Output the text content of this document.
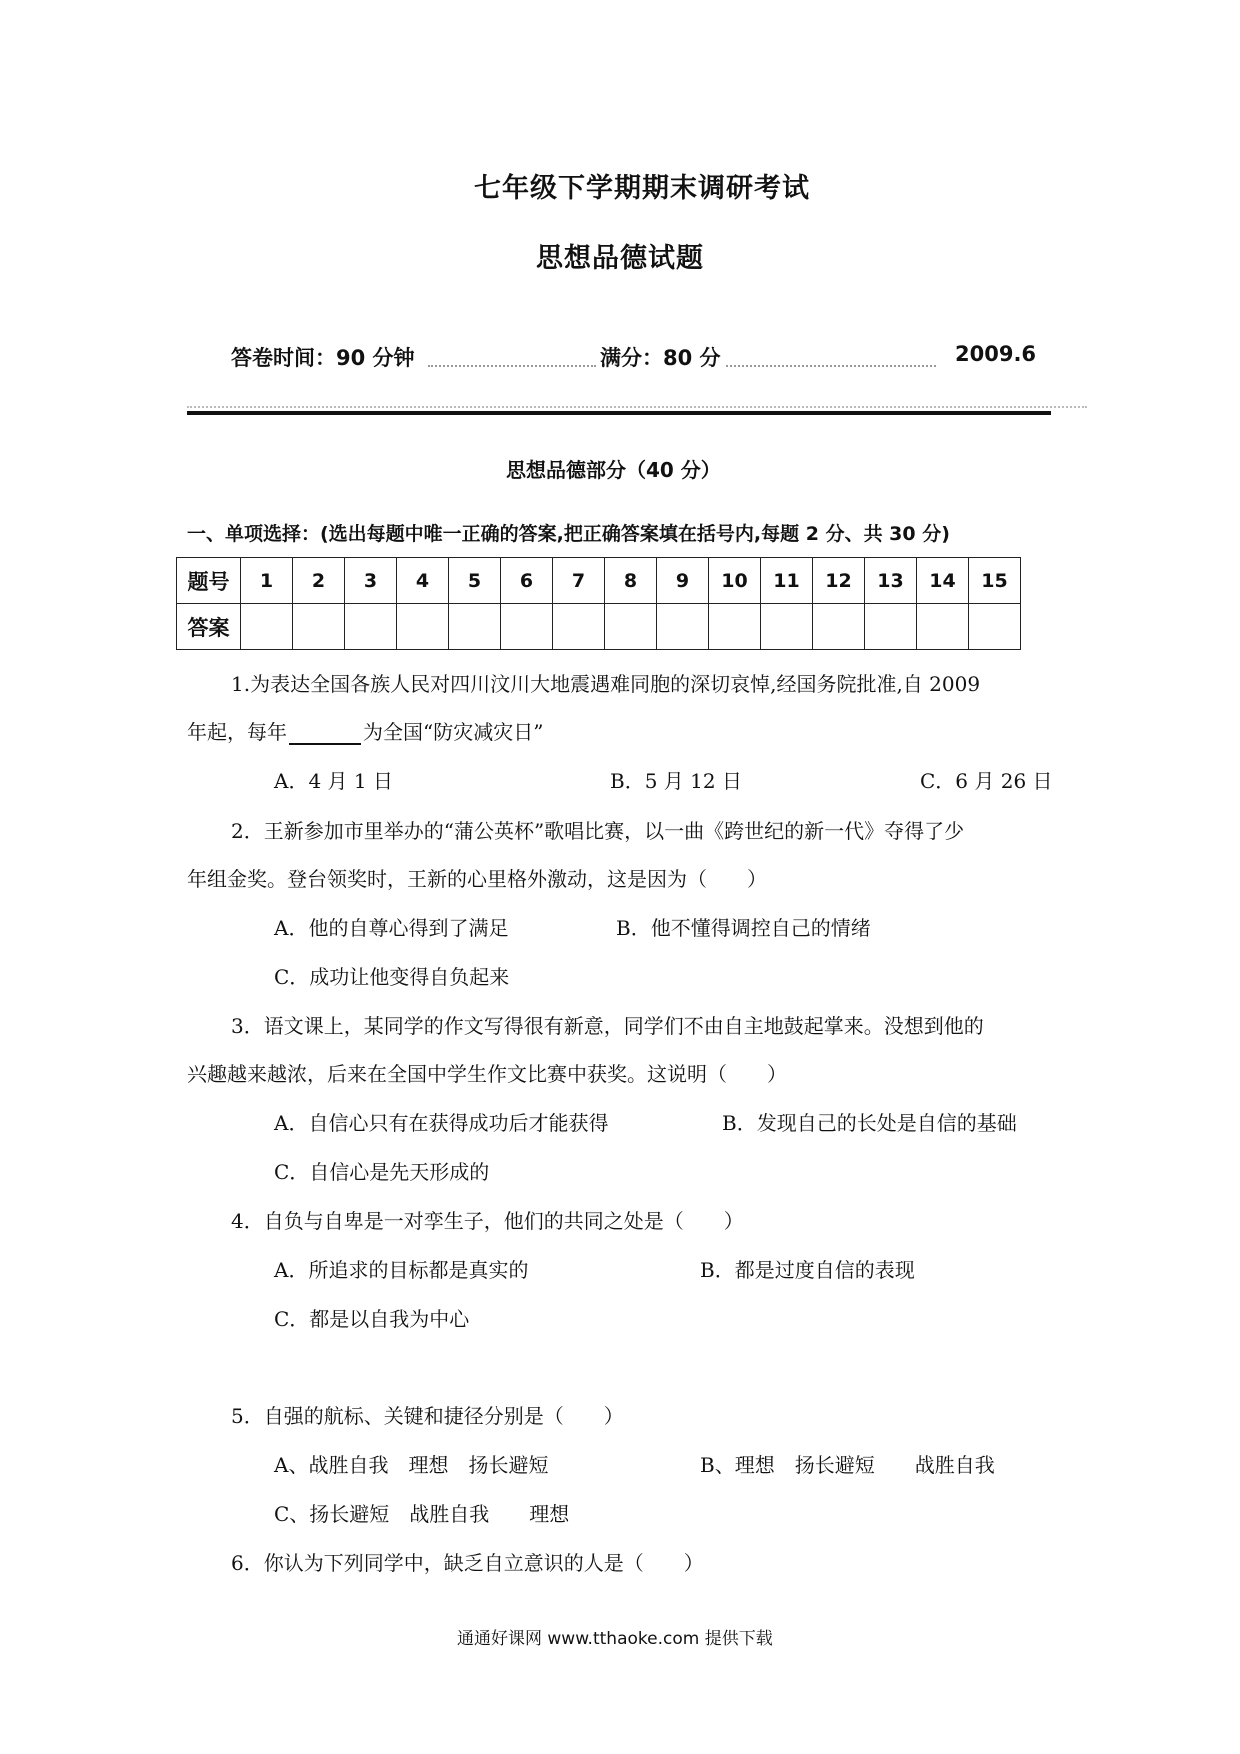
七年级下学期期末调研考试
思想品德试题
答卷时间：90 分钟	满分：80 分	2009.6
思想品德部分（40 分）
一、单项选择：(选出每题中唯一正确的答案,把正确答案填在括号内,每题 2 分、共 30 分)
题号	1	2	3	4	5	6	7	8	9	10	11	12	13	14	15
答案															
1.为表达全国各族人民对四川汶川大地震遇难同胞的深切哀悼,经国务院批准,自 2009
年起，每年	为全国“防灾减灾日”
A．4 月 1 日	B．5 月 12 日	C．6 月 26 日
2．王新参加市里举办的“蒲公英杯”歌唱比赛，以一曲《跨世纪的新一代》夺得了少
年组金奖。登台领奖时，王新的心里格外激动，这是因为（　　）
A．他的自尊心得到了满足	B．他不懂得调控自己的情绪
C．成功让他变得自负起来
3．语文课上，某同学的作文写得很有新意，同学们不由自主地鼓起掌来。没想到他的
兴趣越来越浓，后来在全国中学生作文比赛中获奖。这说明（　　）
A．自信心只有在获得成功后才能获得	B．发现自己的长处是自信的基础
C．自信心是先天形成的
4．自负与自卑是一对孪生子，他们的共同之处是（　　）
A．所追求的目标都是真实的	B．都是过度自信的表现
C．都是以自我为中心
5．自强的航标、关键和捷径分别是（　　）
A、战胜自我　理想　扬长避短	B、理想　扬长避短　　战胜自我
C、扬长避短　战胜自我　　理想
6．你认为下列同学中，缺乏自立意识的人是（　　）
通通好课网 www.tthaoke.com 提供下载
